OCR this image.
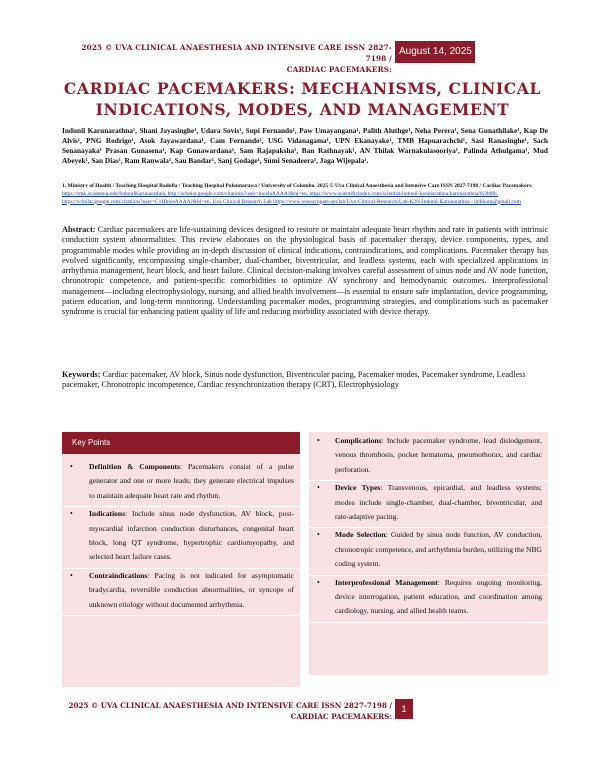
2025 © UVA CLINICAL ANAESTHESIA AND INTENSIVE CARE ISSN 2827-7198 /
CARDIAC PACEMAKERS:
August 14, 2025
CARDIAC PACEMAKERS: MECHANISMS, CLINICAL INDICATIONS, MODES, AND MANAGEMENT

Indunil Karunarathna¹, Shani Jayasinghe¹, Udara Sovis¹, Supi Fernando¹, Paw Umayangana¹, Palith Aluthge¹, Neha Perera¹, Sena Gunathilake¹, Kap De Alvis¹, PNG Rodrigo¹, Asok Jayawardana¹, Cam Fernando¹, USG Vidanagama¹, UPN Ekanayake¹, TMB Hapuarachchi¹, Sasi Ranasinghe¹, Sach Senanayaka¹ Prasan Gunasena¹, Kap Gunawardana¹, Sam Rajapaksha¹, Ban Rathnayak¹, AN Thilak Warnakulasooriya¹, Palinda Athulgama¹, Mud Abeyek¹, San Dias¹, Ram Ranwala¹, Sau Bandar¹, Sanj Godage¹, Sumi Senadeera¹, Jaga Wijepala¹.

1. Ministry of Health / Teaching Hospital Badulla / Teaching Hospital Polonnaruwa / University of Colombo. 2025 © Uva Clinical Anaesthesia and Intensive Care ISSN 2827-7198 / Cardiac Pacemakers: https://rmk.academia.edu/IndunilKarunarathna, http://scholar.google.com/citations?user=IncelaAAAAJ&hl=en, https://www.scientificindex.com/scientist/indunil-karunarathna/karunarathna/8i2b80i, https://scholar.google.com/citations?user=C1HInceAAAAJ&hl=en, Uva Clinical Research Lab https://www.researchgate.net/lab/Uva-Clinical-Research-Lab-K2N-Indunil-Karunarathna - indikaru@gmail.com

Abstract: Cardiac pacemakers are life-sustaining devices designed to restore or maintain adequate heart rhythm and rate in patients with intrinsic conduction system abnormalities. This review elaborates on the physiological basis of pacemaker therapy, device components, types, and programmable modes while providing an in-depth discussion of clinical indications, contraindications, and complications. Pacemaker therapy has evolved significantly, encompassing single-chamber, dual-chamber, biventricular, and leadless systems, each with specialized applications in arrhythmia management, heart block, and heart failure. Clinical decision-making involves careful assessment of sinus node and AV node function, chronotropic competence, and patient-specific comorbidities to optimize AV synchrony and hemodynamic outcomes. Interprofessional management—including electrophysiology, nursing, and allied health involvement—is essential to ensure safe implantation, device programming, patient education, and long-term monitoring. Understanding pacemaker modes, programming strategies, and complications such as pacemaker syndrome is crucial for enhancing patient quality of life and reducing morbidity associated with device therapy.

Keywords: Cardiac pacemaker, AV block, Sinus node dysfunction, Biventricular pacing, Pacemaker modes, Pacemaker syndrome, Leadless pacemaker, Chronotropic incompetence, Cardiac resynchronization therapy (CRT), Electrophysiology

Key Points
• Definition & Components: Pacemakers consist of a pulse generator and one or more leads; they generate electrical impulses to maintain adequate heart rate and rhythm.
• Indications: Include sinus node dysfunction, AV block, post-myocardial infarction conduction disturbances, congenital heart block, long QT syndrome, hypertrophic cardiomyopathy, and selected heart failure cases.
• Contraindications: Pacing is not indicated for asymptomatic bradycardia, reversible conduction abnormalities, or syncope of unknown etiology without documented arrhythmia.
• Complications: Include pacemaker syndrome, lead dislodgement, venous thrombosis, pocket hematoma, pneumothorax, and cardiac perforation.
• Device Types: Transvenous, epicardial, and leadless systems; modes include single-chamber, dual-chamber, biventricular, and rate-adaptive pacing.
• Mode Selection: Guided by sinus node function, AV conduction, chronotropic competence, and arrhythmia burden, utilizing the NBG coding system.
• Interprofessional Management: Requires ongoing monitoring, device interrogation, patient education, and coordination among cardiology, nursing, and allied health teams.
2025 © UVA CLINICAL ANAESTHESIA AND INTENSIVE CARE ISSN 2827-7198 /
CARDIAC PACEMAKERS:
1
